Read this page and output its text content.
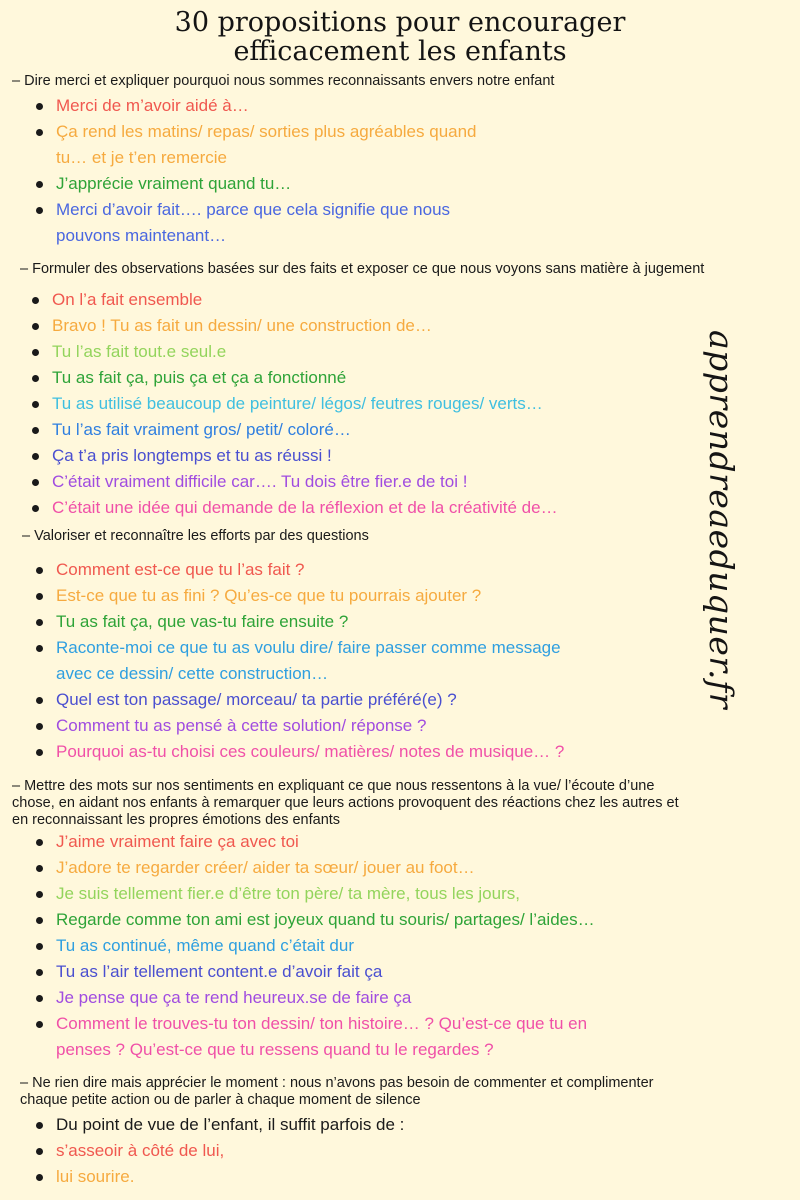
30 propositions pour encourager
efficacement les enfants
apprendreaeduquer.fr
– Dire merci et expliquer pourquoi nous sommes reconnaissants envers notre enfant
Merci de m’avoir aidé à…
Ça rend les matins/ repas/ sorties plus agréables quand
tu… et je t’en remercie
J’apprécie vraiment quand tu…
Merci d’avoir fait…. parce que cela signifie que nous
pouvons maintenant…
– Formuler des observations basées sur des faits et exposer ce que nous voyons sans matière à jugement
On l’a fait ensemble
Bravo ! Tu as fait un dessin/ une construction de…
Tu l’as fait tout.e seul.e
Tu as fait ça, puis ça et ça a fonctionné
Tu as utilisé beaucoup de peinture/ légos/ feutres rouges/ verts…
Tu l’as fait vraiment gros/ petit/ coloré…
Ça t’a pris longtemps et tu as réussi !
C’était vraiment difficile car…. Tu dois être fier.e de toi !
C’était une idée qui demande de la réflexion et de la créativité de…
– Valoriser et reconnaître les efforts par des questions
Comment est-ce que tu l’as fait ?
Est-ce que tu as fini ? Qu’es-ce que tu pourrais ajouter ?
Tu as fait ça, que vas-tu faire ensuite ?
Raconte-moi ce que tu as voulu dire/ faire passer comme message
avec ce dessin/ cette construction…
Quel est ton passage/ morceau/ ta partie préféré(e) ?
Comment tu as pensé à cette solution/ réponse ?
Pourquoi as-tu choisi ces couleurs/ matières/ notes de musique… ?
– Mettre des mots sur nos sentiments en expliquant ce que nous ressentons à la vue/ l’écoute d’une
chose, en aidant nos enfants à remarquer que leurs actions provoquent des réactions chez les autres et
en reconnaissant les propres émotions des enfants
J’aime vraiment faire ça avec toi
J’adore te regarder créer/ aider ta sœur/ jouer au foot…
Je suis tellement fier.e d’être ton père/ ta mère, tous les jours,
Regarde comme ton ami est joyeux quand tu souris/ partages/ l’aides…
Tu as continué, même quand c’était dur
Tu as l’air tellement content.e d’avoir fait ça
Je pense que ça te rend heureux.se de faire ça
Comment le trouves-tu ton dessin/ ton histoire… ? Qu’est-ce que tu en
penses ? Qu’est-ce que tu ressens quand tu le regardes ?
– Ne rien dire mais apprécier le moment : nous n’avons pas besoin de commenter et complimenter
chaque petite action ou de parler à chaque moment de silence
Du point de vue de l’enfant, il suffit parfois de :
s’asseoir à côté de lui,
lui sourire.
